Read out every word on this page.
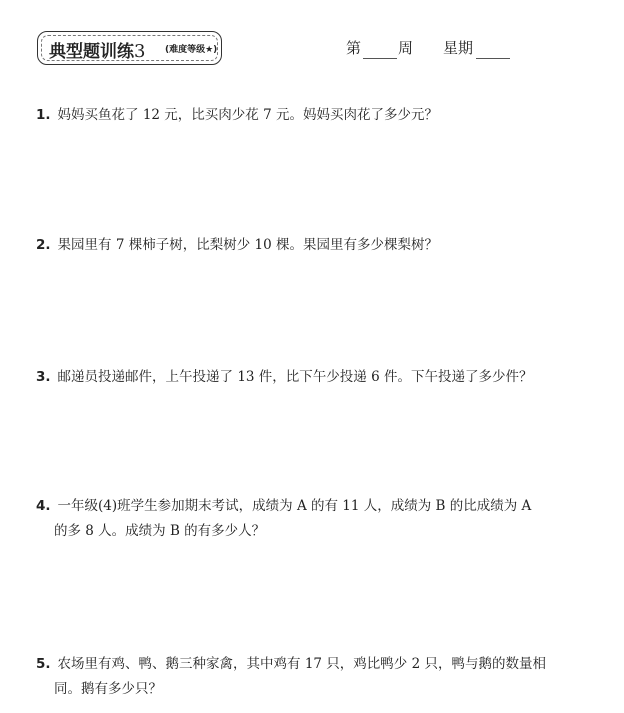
典型题训练3 (难度等级★)	第 周 星期
1. 妈妈买鱼花了 12 元，比买肉少花 7 元。妈妈买肉花了多少元？
2. 果园里有 7 棵柿子树，比梨树少 10 棵。果园里有多少棵梨树？
3. 邮递员投递邮件，上午投递了 13 件，比下午少投递 6 件。下午投递了多少件？
4. 一年级(4)班学生参加期末考试，成绩为 A 的有 11 人，成绩为 B 的比成绩为 A
的多 8 人。成绩为 B 的有多少人？
5. 农场里有鸡、鸭、鹅三种家禽，其中鸡有 17 只，鸡比鸭少 2 只，鸭与鹅的数量相
同。鹅有多少只？
